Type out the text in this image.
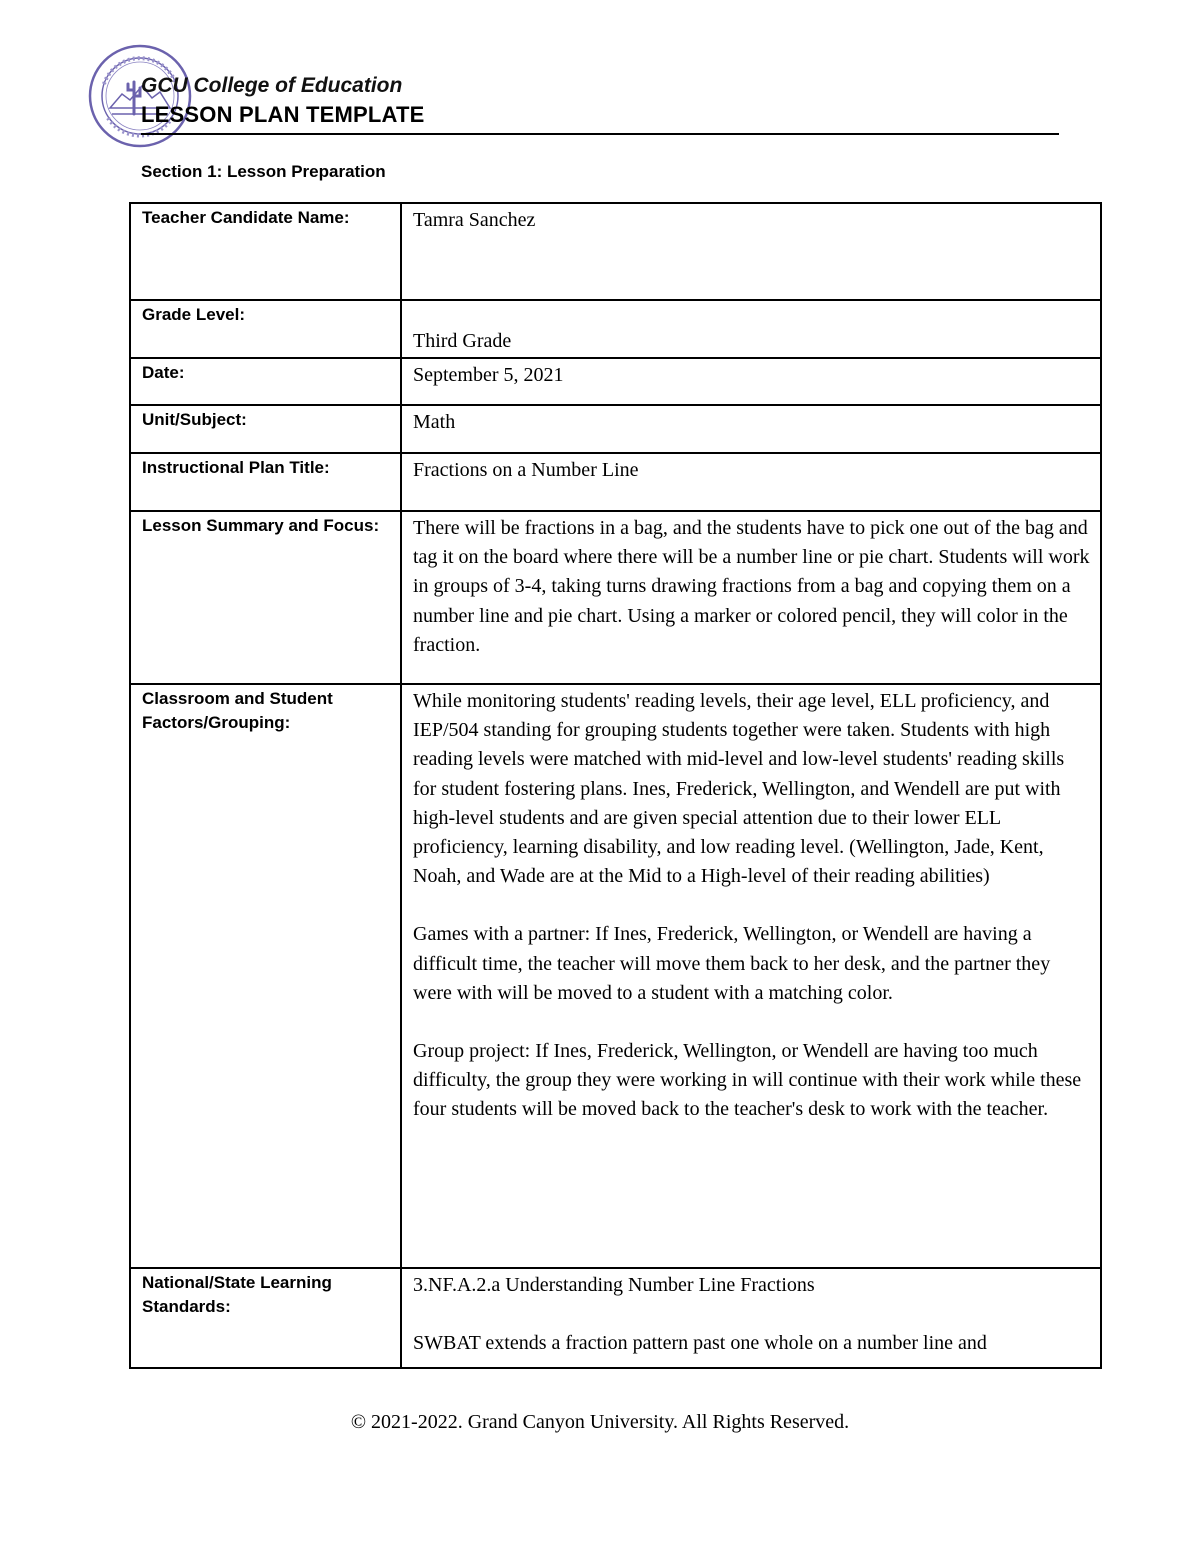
GCU College of Education
LESSON PLAN TEMPLATE
Section 1: Lesson Preparation
Teacher Candidate Name:	Tamra Sanchez
Grade Level:	Third Grade
Date:	September 5, 2021
Unit/Subject:	Math
Instructional Plan Title:	Fractions on a Number Line
Lesson Summary and Focus:	There will be fractions in a bag, and the students have to pick one out of the bag and tag it on the board where there will be a number line or pie chart. Students will work in groups of 3-4, taking turns drawing fractions from a bag and copying them on a number line and pie chart. Using a marker or colored pencil, they will color in the fraction.
Classroom and Student Factors/Grouping:	While monitoring students' reading levels, their age level, ELL proficiency, and IEP/504 standing for grouping students together were taken. Students with high reading levels were matched with mid-level and low-level students' reading skills for student fostering plans. Ines, Frederick, Wellington, and Wendell are put with high-level students and are given special attention due to their lower ELL proficiency, learning disability, and low reading level. (Wellington, Jade, Kent, Noah, and Wade are at the Mid to a High-level of their reading abilities)

Games with a partner: If Ines, Frederick, Wellington, or Wendell are having a difficult time, the teacher will move them back to her desk, and the partner they were with will be moved to a student with a matching color.

Group project: If Ines, Frederick, Wellington, or Wendell are having too much difficulty, the group they were working in will continue with their work while these four students will be moved back to the teacher's desk to work with the teacher.

National/State Learning Standards:	3.NF.A.2.a Understanding Number Line Fractions

SWBAT extends a fraction pattern past one whole on a number line and

© 2021-2022. Grand Canyon University. All Rights Reserved.
